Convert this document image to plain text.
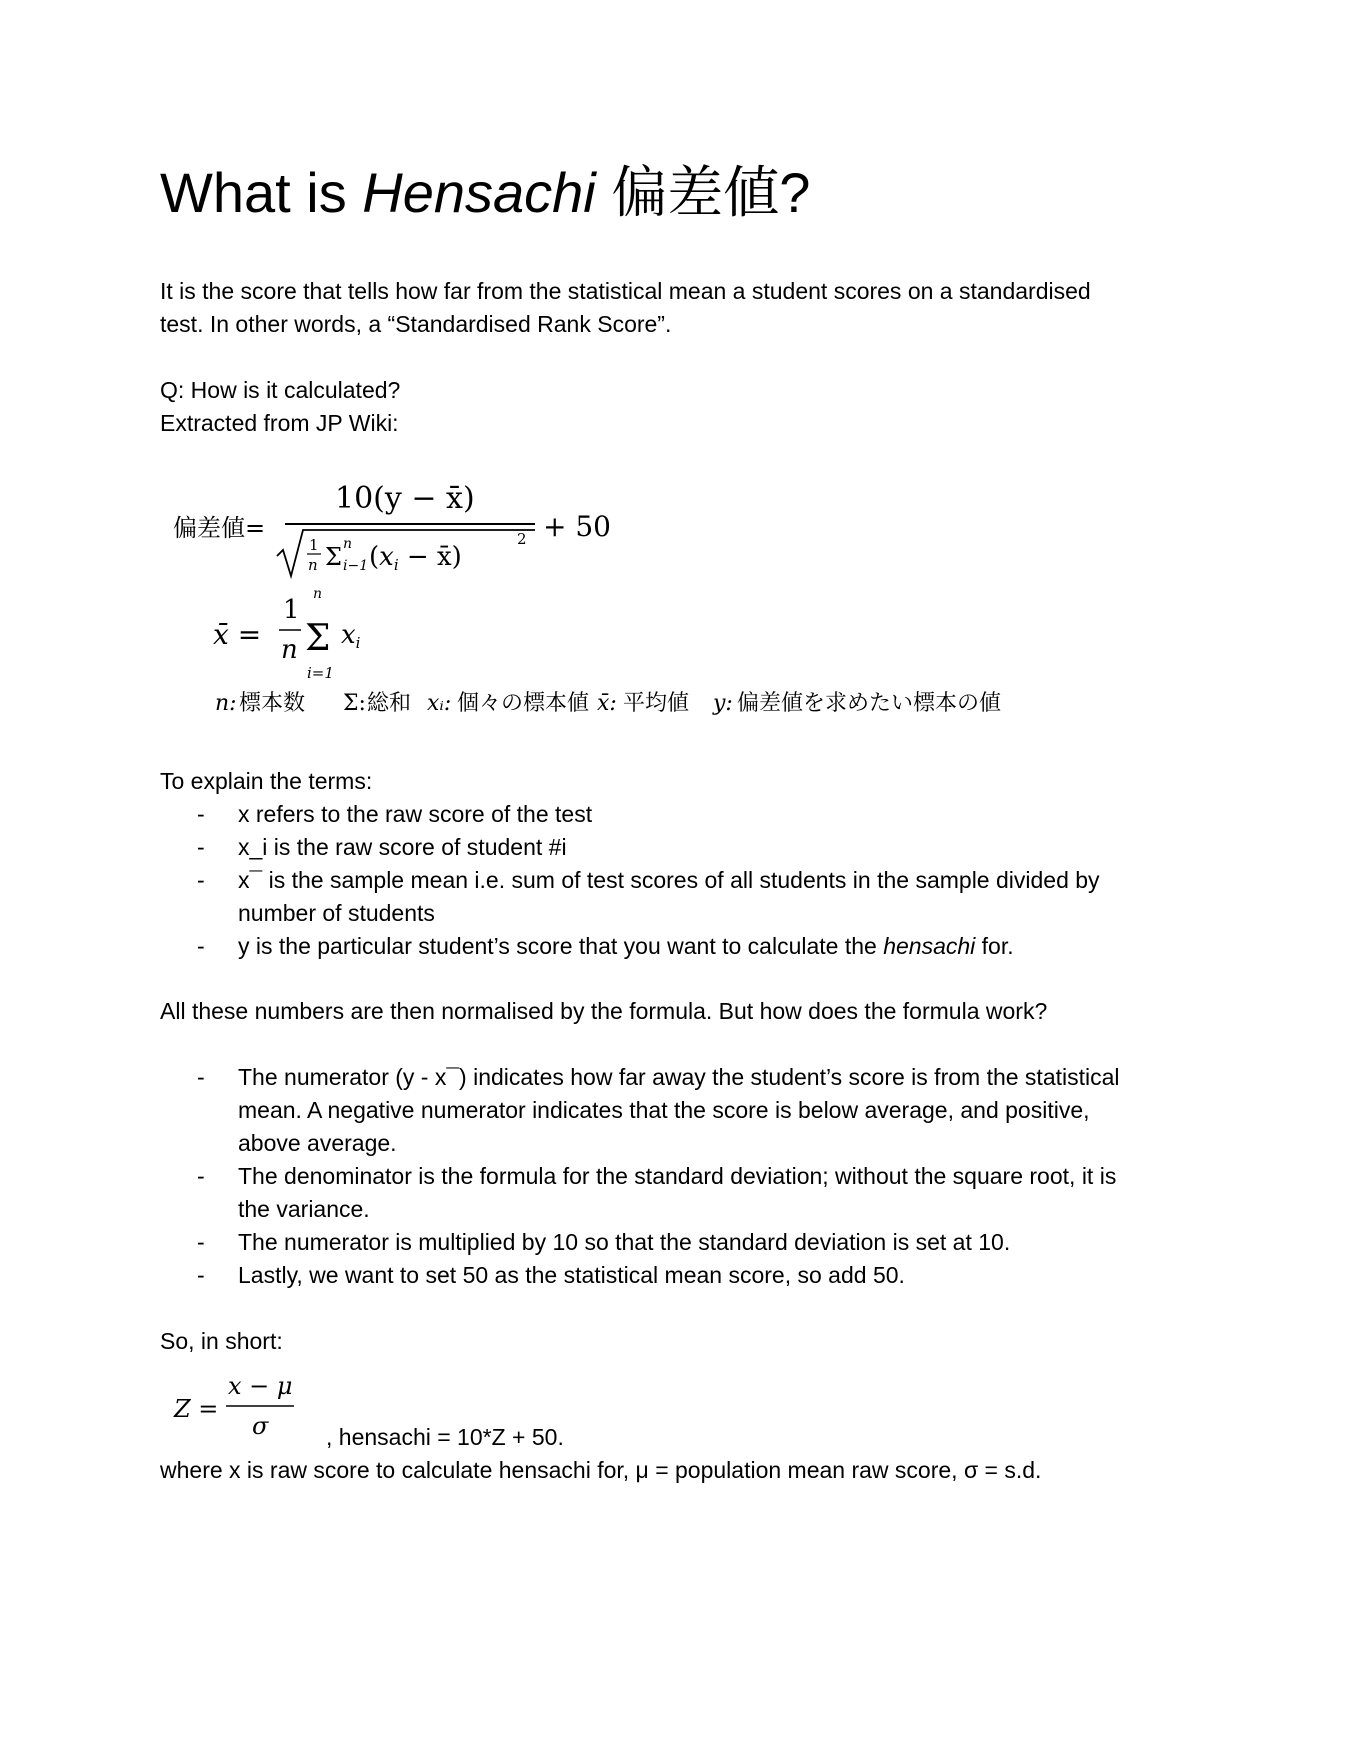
What is Hensachi 偏差値?
It is the score that tells how far from the statistical mean a student scores on a standardised
test. In other words, a “Standardised Rank Score”.
Q: How is it calculated?
Extracted from JP Wiki:
偏差値=
10(y − x̄)
1
n Σ n
i−1 (xi − x̄)
2 + 50
x̄ =
1
n
n
Σ
i=1
xi
n: 標本数 Σ: 総和 xᵢ: 個々の標本値 x̄: 平均値 y: 偏差値を求めたい標本の値
To explain the terms:
- x refers to the raw score of the test
- x_i is the raw score of student #i
- x¯ is the sample mean i.e. sum of test scores of all students in the sample divided by
number of students
- y is the particular student’s score that you want to calculate the hensachi for.
All these numbers are then normalised by the formula. But how does the formula work?
- The numerator (y - x¯) indicates how far away the student’s score is from the statistical
mean. A negative numerator indicates that the score is below average, and positive,
above average.
- The denominator is the formula for the standard deviation; without the square root, it is
the variance.
- The numerator is multiplied by 10 so that the standard deviation is set at 10.
- Lastly, we want to set 50 as the statistical mean score, so add 50.
So, in short:
Z =
x − μ
σ	, hensachi = 10*Z + 50.
where x is raw score to calculate hensachi for, μ = population mean raw score, σ = s.d.
